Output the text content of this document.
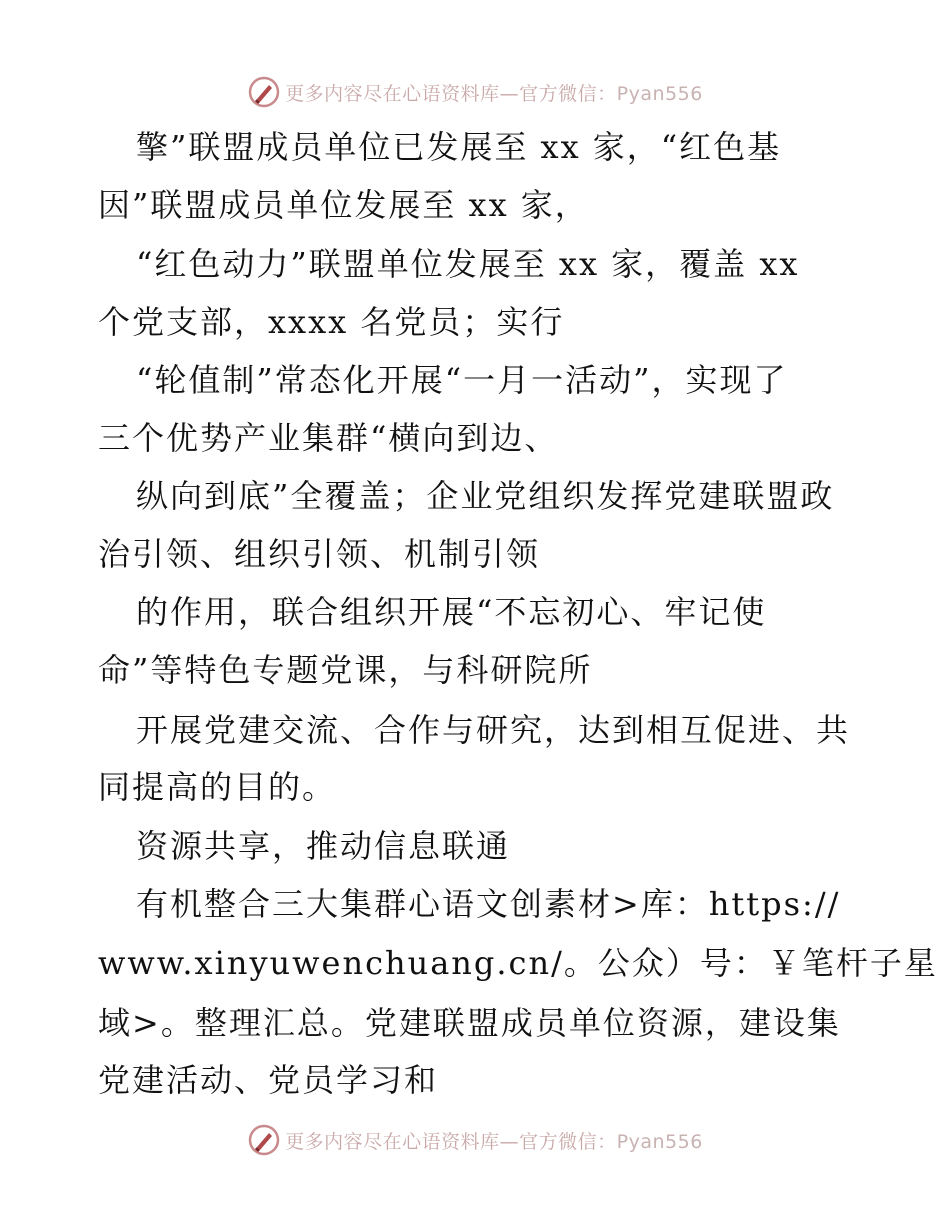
更多内容尽在心语资料库—官方微信：Pyan556
擎”联盟成员单位已发展至 xx 家，“红色基
因”联盟成员单位发展至 xx 家，
“红色动力”联盟单位发展至 xx 家，覆盖 xx
个党支部，xxxx 名党员；实行
“轮值制”常态化开展“一月一活动”，实现了
三个优势产业集群“横向到边、
纵向到底”全覆盖；企业党组织发挥党建联盟政
治引领、组织引领、机制引领
的作用，联合组织开展“不忘初心、牢记使
命”等特色专题党课，与科研院所
开展党建交流、合作与研究，达到相互促进、共
同提高的目的。
资源共享，推动信息联通
有机整合三大集群心语文创素材>库：https://
www.xinyuwenchuang.cn/。公众）号：￥笔杆子星
域>。整理汇总。党建联盟成员单位资源，建设集
党建活动、党员学习和
更多内容尽在心语资料库—官方微信：Pyan556
